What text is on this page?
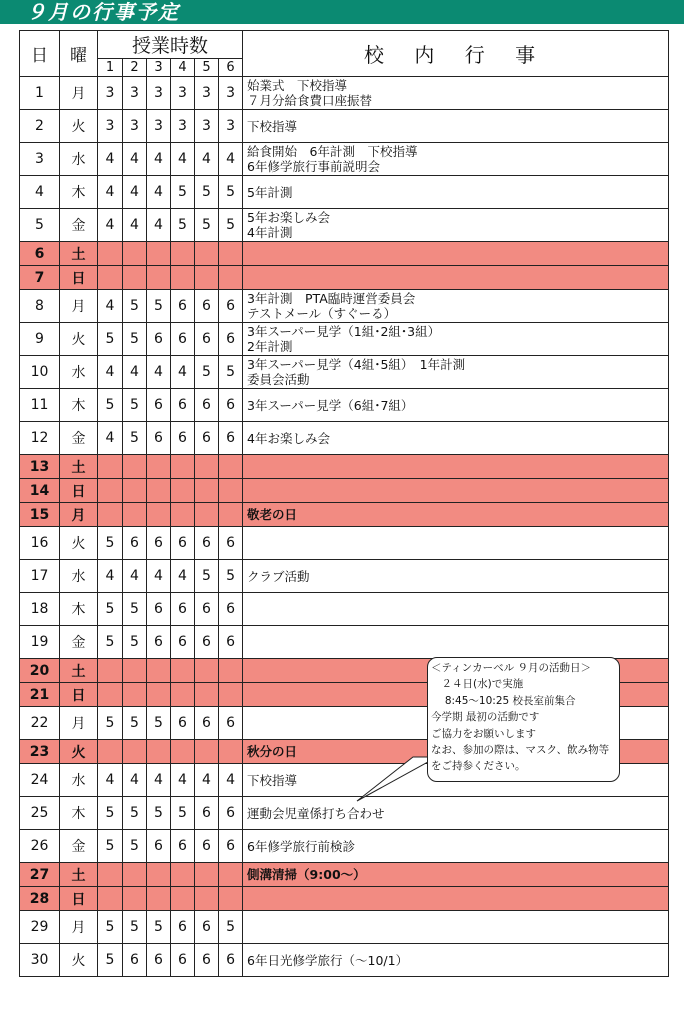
９月の行事予定
日	曜	授業時数						校 内 行 事
		1	2	3	4	5	6	
1	月	3	3	3	3	3	3	始業式　下校指導
７月分給食費口座振替

2	火	3	3	3	3	3	3	下校指導

3	水	4	4	4	4	4	4	給食開始　6年計測　下校指導
6年修学旅行事前説明会

4	木	4	4	4	5	5	5	5年計測

5	金	4	4	4	5	5	5	5年お楽しみ会
4年計測

6	土							
7	日							
8	月	4	5	5	6	6	6	3年計測　PTA臨時運営委員会
テストメール（すぐーる）

9	火	5	5	6	6	6	6	3年スーパー見学（1組･2組･3組）
2年計測

10	水	4	4	4	4	5	5	3年スーパー見学（4組･5組）　1年計測
委員会活動

11	木	5	5	6	6	6	6	3年スーパー見学（6組･7組）

12	金	4	5	6	6	6	6	4年お楽しみ会

13	土							
14	日							
15	月							敬老の日

16	火	5	6	6	6	6	6	
17	水	4	4	4	4	5	5	クラブ活動

18	木	5	5	6	6	6	6	
19	金	5	5	6	6	6	6	
20	土							
21	日							
22	月	5	5	5	6	6	6	
23	火							秋分の日

24	水	4	4	4	4	4	4	下校指導

25	木	5	5	5	5	6	6	運動会児童係打ち合わせ

26	金	5	5	6	6	6	6	6年修学旅行前検診

27	土							側溝清掃（9:00～）

28	日							
29	月	5	5	5	6	6	5	
30	火	5	6	6	6	6	6	6年日光修学旅行（～10/1）
＜ティンカーベル ９月の活動日＞
　２４日(水)で実施
　 8:45～10:25 校長室前集合
今学期 最初の活動です
ご協力をお願いします
なお、参加の際は、マスク、飲み物等
をご持参ください。
